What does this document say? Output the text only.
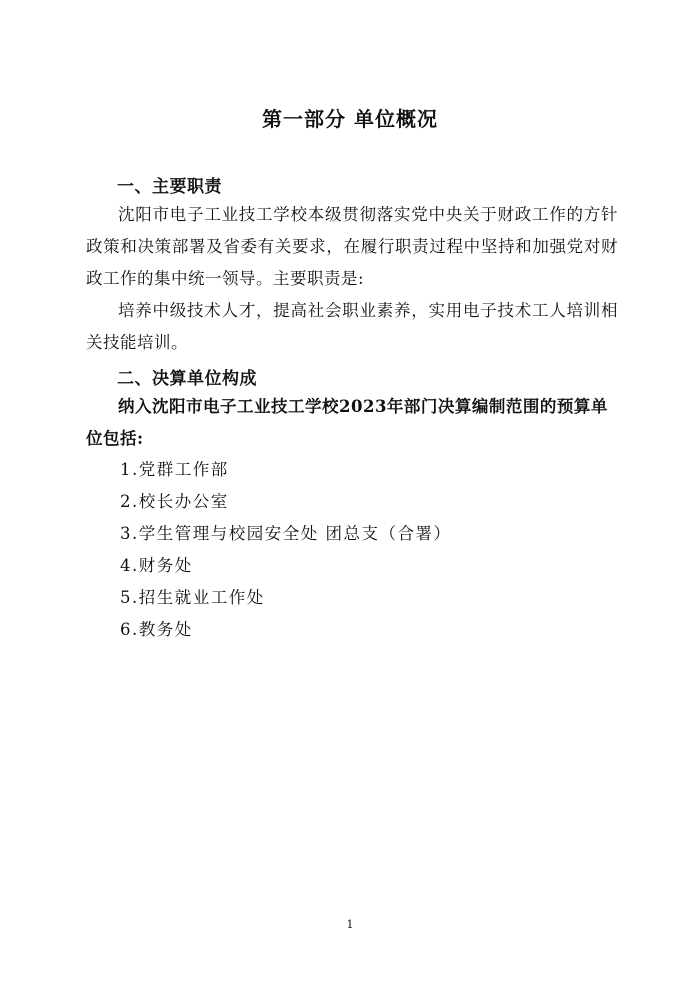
第一部分 单位概况
一、主要职责

沈阳市电子工业技工学校本级贯彻落实党中央关于财政工作的方针政策和决策部署及省委有关要求，在履行职责过程中坚持和加强党对财政工作的集中统一领导。主要职责是:

培养中级技术人才，提高社会职业素养，实用电子技术工人培训相关技能培训。

二、决算单位构成

纳入沈阳市电子工业技工学校2023年部门决算编制范围的预算单位包括:

1.党群工作部
2.校长办公室
3.学生管理与校园安全处 团总支（合署）
4.财务处
5.招生就业工作处
6.教务处
1
